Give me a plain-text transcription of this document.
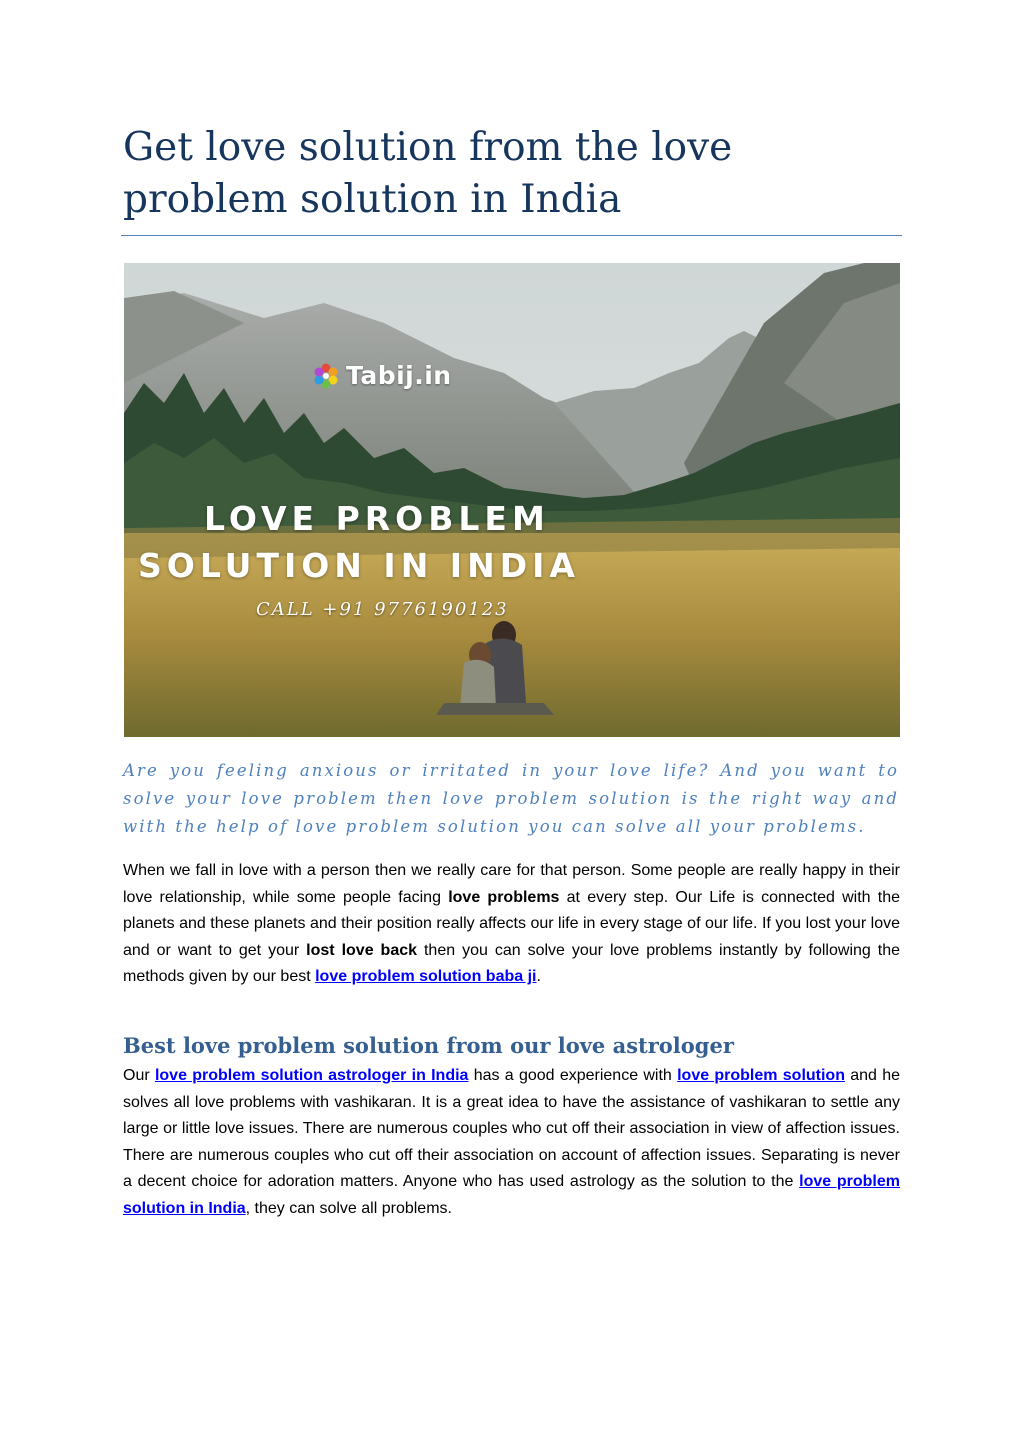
Get love solution from the love problem solution in India
Tabij.in
LOVE PROBLEM
SOLUTION IN INDIA
CALL +91 9776190123

Are you feeling anxious or irritated in your love life? And you want to solve your love problem then love problem solution is the right way and with the help of love problem solution you can solve all your problems.

When we fall in love with a person then we really care for that person. Some people are really happy in their love relationship, while some people facing love problems at every step. Our Life is connected with the planets and these planets and their position really affects our life in every stage of our life. If you lost your love and or want to get your lost love back then you can solve your love problems instantly by following the methods given by our best love problem solution baba ji.

Best love problem solution from our love astrologer

Our love problem solution astrologer in India has a good experience with love problem solution and he solves all love problems with vashikaran. It is a great idea to have the assistance of vashikaran to settle any large or little love issues. There are numerous couples who cut off their association in view of affection issues. There are numerous couples who cut off their association on account of affection issues. Separating is never a decent choice for adoration matters. Anyone who has used astrology as the solution to the love problem solution in India, they can solve all problems.
